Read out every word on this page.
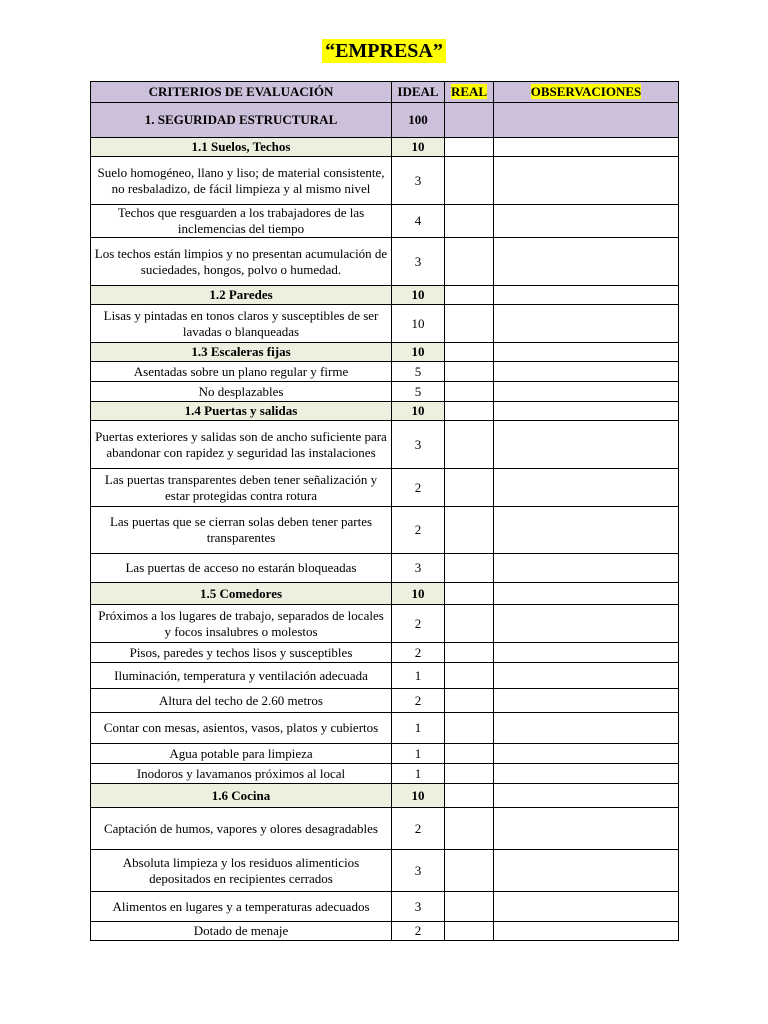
“EMPRESA”
CRITERIOS DE EVALUACIÓN	IDEAL	REAL	OBSERVACIONES
1. SEGURIDAD ESTRUCTURAL	100		
1.1 Suelos, Techos	10		
Suelo homogéneo, llano y liso; de material consistente, no resbaladizo, de fácil limpieza y al mismo nivel	3		
Techos que resguarden a los trabajadores de las inclemencias del tiempo	4		
Los techos están limpios y no presentan acumulación de suciedades, hongos, polvo o humedad.	3		
1.2 Paredes	10		
Lisas y pintadas en tonos claros y susceptibles de ser lavadas o blanqueadas	10		
1.3 Escaleras fijas	10		
Asentadas sobre un plano regular y firme	5		
No desplazables	5		
1.4 Puertas y salidas	10		
Puertas exteriores y salidas son de ancho suficiente para abandonar con rapidez y seguridad las instalaciones	3		
Las puertas transparentes deben tener señalización y estar protegidas contra rotura	2		
Las puertas que se cierran solas deben tener partes transparentes	2		
Las puertas de acceso no estarán bloqueadas	3		
1.5 Comedores	10		
Próximos a los lugares de trabajo, separados de locales y focos insalubres o molestos	2		
Pisos, paredes y techos lisos y susceptibles	2		
Iluminación, temperatura y ventilación adecuada	1		
Altura del techo de 2.60 metros	2		
Contar con mesas, asientos, vasos, platos y cubiertos	1		
Agua potable para limpieza	1		
Inodoros y lavamanos próximos al local	1		
1.6 Cocina	10		
Captación de humos, vapores y olores desagradables	2		
Absoluta limpieza y los residuos alimenticios depositados en recipientes cerrados	3		
Alimentos en lugares y a temperaturas adecuados	3		
Dotado de menaje	2		
